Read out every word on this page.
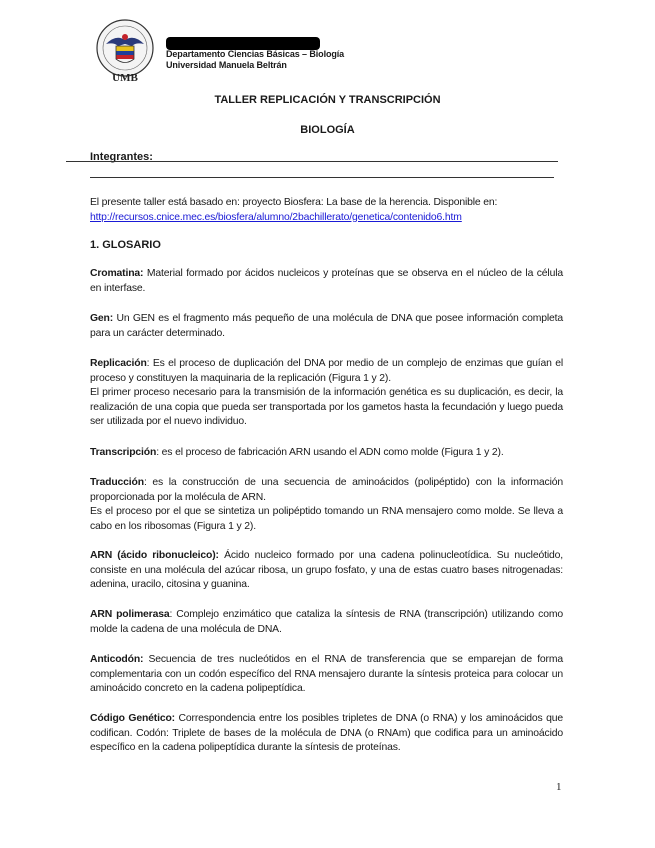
UMB
Departamento Ciencias Básicas – Biología
Universidad Manuela Beltrán
TALLER REPLICACIÓN Y TRANSCRIPCIÓN
BIOLOGÍA
Integrantes:
El presente taller está basado en: proyecto Biosfera: La base de la herencia. Disponible en:
http://recursos.cnice.mec.es/biosfera/alumno/2bachillerato/genetica/contenido6.htm
1. GLOSARIO
Cromatina: Material formado por ácidos nucleicos y proteínas que se observa en el núcleo de la célula en interfase.
Gen: Un GEN es el fragmento más pequeño de una molécula de DNA que posee información completa para un carácter determinado.
Replicación: Es el proceso de duplicación del DNA por medio de un complejo de enzimas que guían el proceso y constituyen la maquinaria de la replicación (Figura 1 y 2).
El primer proceso necesario para la transmisión de la información genética es su duplicación, es decir, la realización de una copia que pueda ser transportada por los gametos hasta la fecundación y luego pueda ser utilizada por el nuevo individuo.
Transcripción: es el proceso de fabricación ARN usando el ADN como molde (Figura 1 y 2).
Traducción: es la construcción de una secuencia de aminoácidos (polipéptido) con la información proporcionada por la molécula de ARN.
Es el proceso por el que se sintetiza un polipéptido tomando un RNA mensajero como molde. Se lleva a cabo en los ribosomas (Figura 1 y 2).
ARN (ácido ribonucleico): Ácido nucleico formado por una cadena polinucleotídica. Su nucleótido, consiste en una molécula del azúcar ribosa, un grupo fosfato, y una de estas cuatro bases nitrogenadas: adenina, uracilo, citosina y guanina.
ARN polimerasa: Complejo enzimático que cataliza la síntesis de RNA (transcripción) utilizando como molde la cadena de una molécula de DNA.
Anticodón: Secuencia de tres nucleótidos en el RNA de transferencia que se emparejan de forma complementaria con un codón específico del RNA mensajero durante la síntesis proteica para colocar un aminoácido concreto en la cadena polipeptídica.
Código Genético: Correspondencia entre los posibles tripletes de DNA (o RNA) y los aminoácidos que codifican. Codón: Triplete de bases de la molécula de DNA (o RNAm) que codifica para un aminoácido específico en la cadena polipeptídica durante la síntesis de proteínas.
1
